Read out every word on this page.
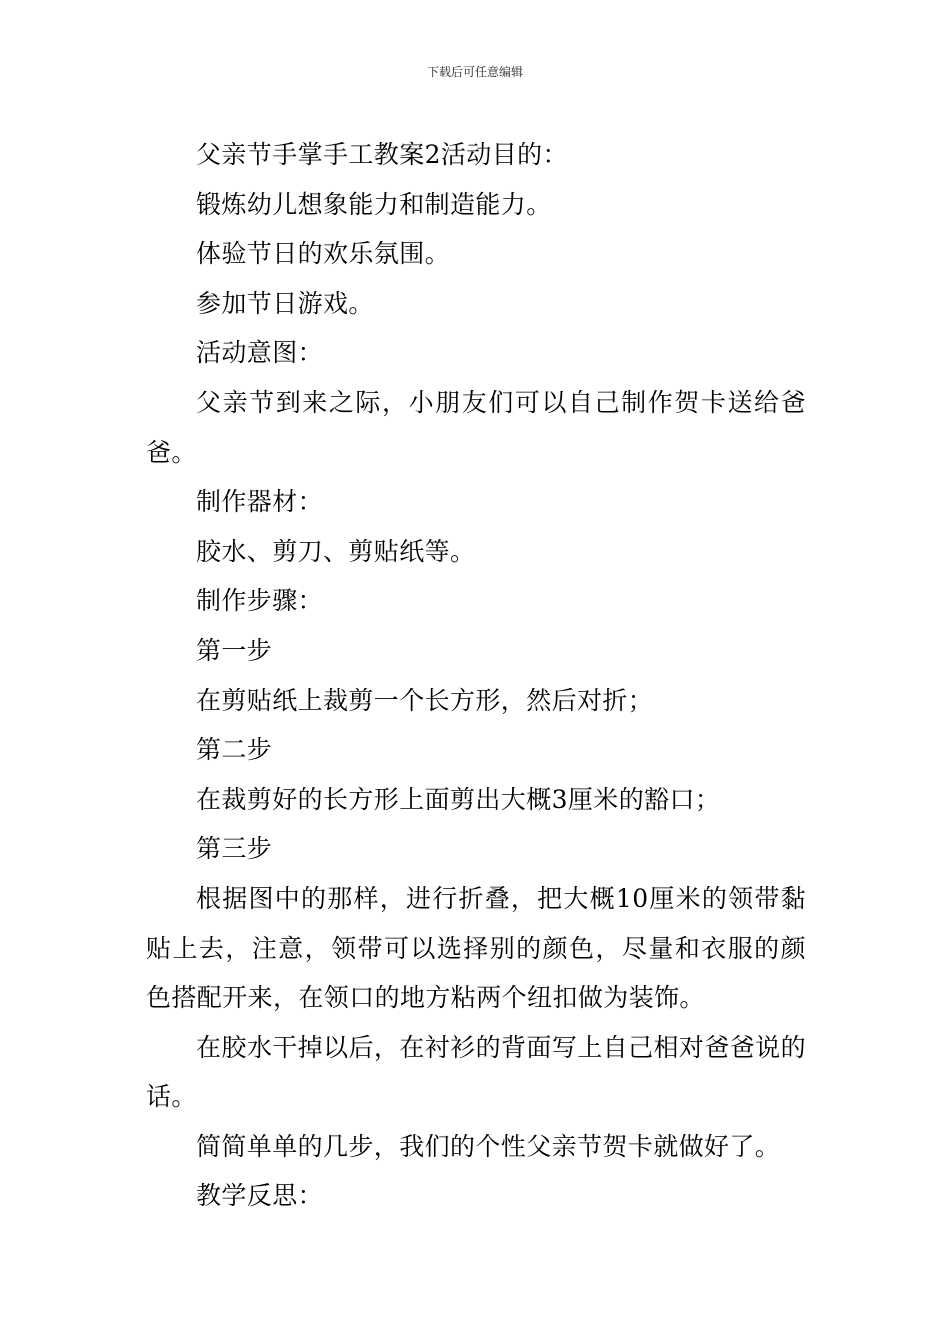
下载后可任意编辑

父亲节手掌手工教案2活动目的：

锻炼幼儿想象能力和制造能力。

体验节日的欢乐氛围。

参加节日游戏。

活动意图：

父亲节到来之际，小朋友们可以自己制作贺卡送给爸爸。

制作器材：

胶水、剪刀、剪贴纸等。

制作步骤：

第一步

在剪贴纸上裁剪一个长方形，然后对折；

第二步

在裁剪好的长方形上面剪出大概3厘米的豁口；

第三步

根据图中的那样，进行折叠，把大概10厘米的领带黏贴上去，注意，领带可以选择别的颜色，尽量和衣服的颜色搭配开来，在领口的地方粘两个纽扣做为装饰。

在胶水干掉以后，在衬衫的背面写上自己相对爸爸说的话。

简简单单的几步，我们的个性父亲节贺卡就做好了。

教学反思：
